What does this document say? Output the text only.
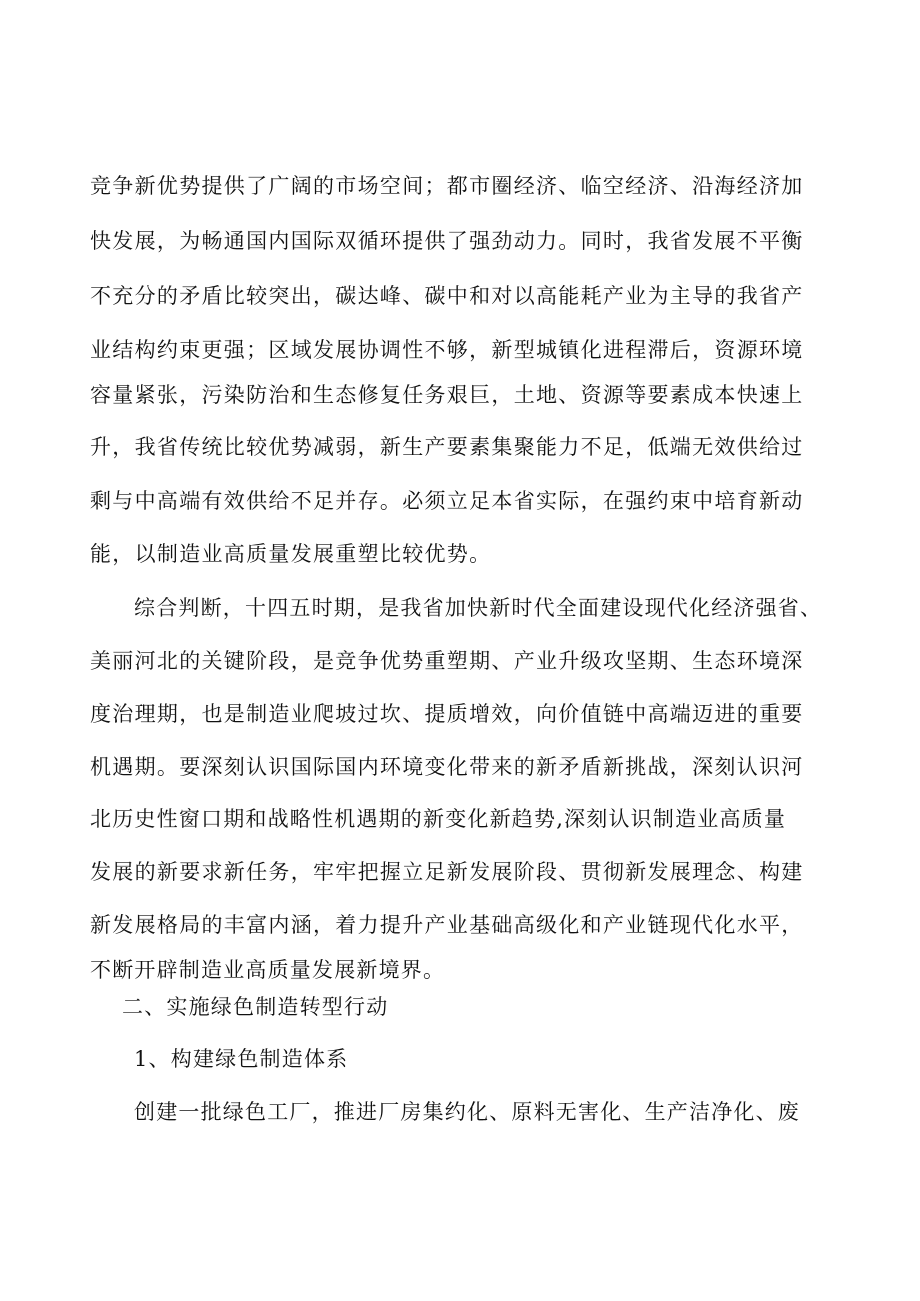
竞争新优势提供了广阔的市场空间；都市圈经济、临空经济、沿海经济加

快发展，为畅通国内国际双循环提供了强劲动力。同时，我省发展不平衡

不充分的矛盾比较突出，碳达峰、碳中和对以高能耗产业为主导的我省产

业结构约束更强；区域发展协调性不够，新型城镇化进程滞后，资源环境

容量紧张，污染防治和生态修复任务艰巨，土地、资源等要素成本快速上

升，我省传统比较优势减弱，新生产要素集聚能力不足，低端无效供给过

剩与中高端有效供给不足并存。必须立足本省实际，在强约束中培育新动

能，以制造业高质量发展重塑比较优势。

综合判断，十四五时期，是我省加快新时代全面建设现代化经济强省、

美丽河北的关键阶段，是竞争优势重塑期、产业升级攻坚期、生态环境深

度治理期，也是制造业爬坡过坎、提质增效，向价值链中高端迈进的重要

机遇期。要深刻认识国际国内环境变化带来的新矛盾新挑战，深刻认识河

北历史性窗口期和战略性机遇期的新变化新趋势,深刻认识制造业高质量

发展的新要求新任务，牢牢把握立足新发展阶段、贯彻新发展理念、构建

新发展格局的丰富内涵，着力提升产业基础高级化和产业链现代化水平，

不断开辟制造业高质量发展新境界。

二、实施绿色制造转型行动

1、构建绿色制造体系

创建一批绿色工厂，推进厂房集约化、原料无害化、生产洁净化、废
